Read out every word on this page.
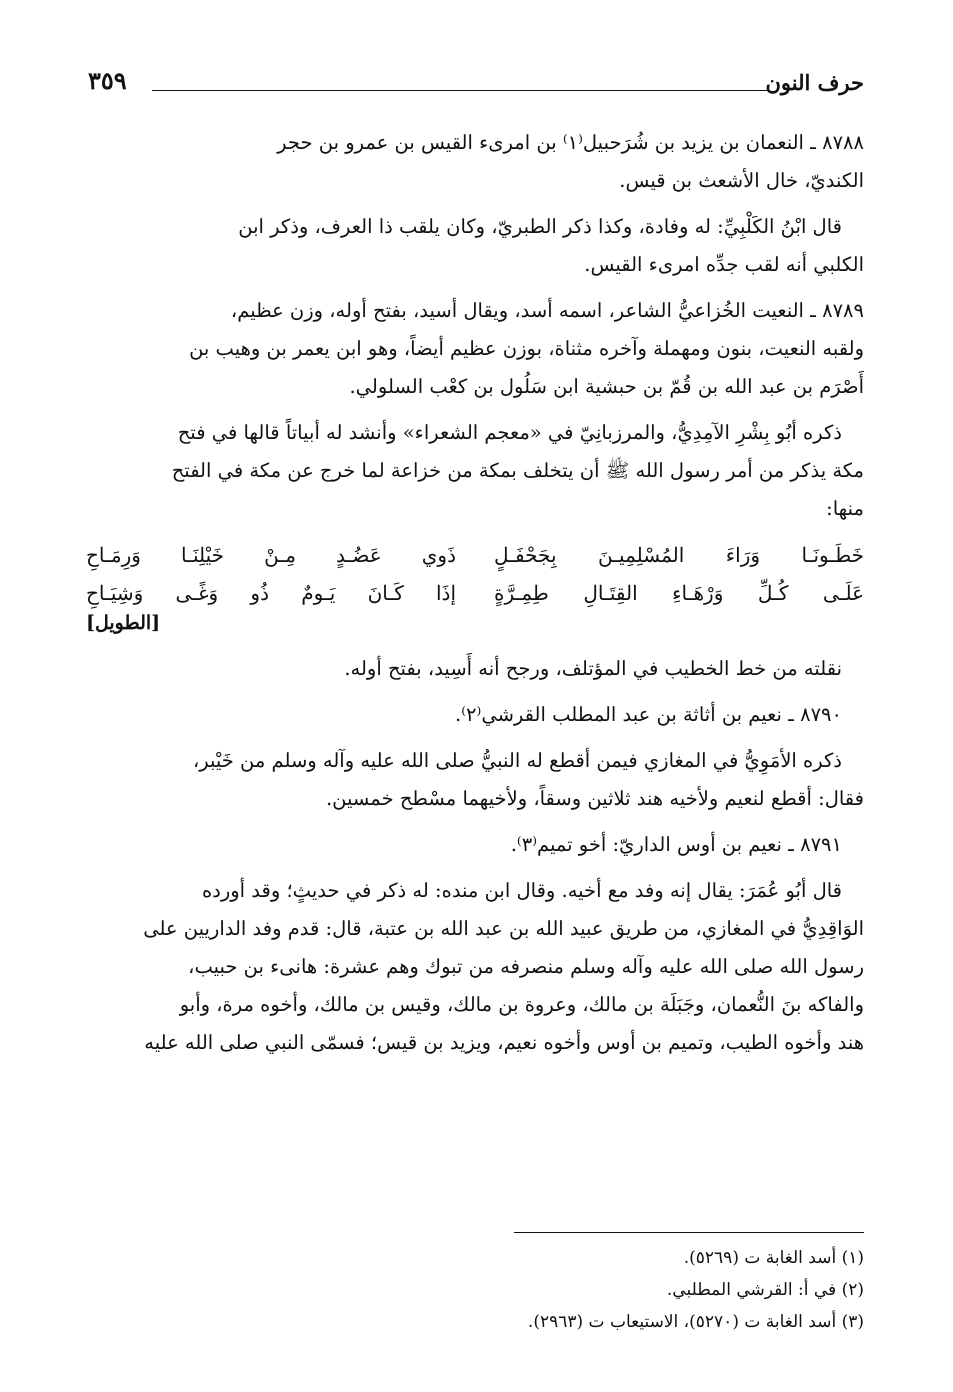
حرف النون
٣٥٩

٨٧٨٨ ـ النعمان بن يزيد بن شُرَحبيل⁽١⁾ بن امرىء القيس بن عمرو بن حجر
الكنديّ، خال الأشعث بن قيس.

قال ابْنُ الكَلْبِيِّ: له وفادة، وكذا ذكر الطبريّ، وكان يلقب ذا العرف، وذكر ابن
الكلبي أنه لقب جدِّه امرىء القيس.

٨٧٨٩ ـ النعيت الخُزاعيُّ الشاعر، اسمه أسد، ويقال أسيد، بفتح أوله، وزن عظيم،
ولقبه النعيت، بنون ومهملة وآخره مثناة، بوزن عظيم أيضاً، وهو ابن يعمر بن وهيب بن
أَصْرَم بن عبد الله بن قُمّ بن حبشية ابن سَلُول بن كعْب السلولي.

ذكره أبُو بِشْرِ الآمِدِيُّ، والمرزبانِيّ في «معجم الشعراء» وأنشد له أبياتاً قالها في فتح
مكة يذكر من أمر رسول الله ﷺ أن يتخلف بمكة من خزاعة لما خرج عن مكة في الفتح
منها:

خَطَـونَـا وَرَاءَ المُسْلِمِيـنَ بِجَحْفَـلٍ
ذَوي عَضُـدٍ مِـنْ خَيْلِنَـا وَرِمَـاحِ
عَلَـى كُـلِّ وَرْهَـاءِ القِتَـالِ طِمِـرَّةٍ
إذَا كَـانَ يَـومٌ ذُو وَغًـى وَشِيَـاحِ
[الطويل]

نقلته من خط الخطيب في المؤتلف، ورجح أنه أَسِيد، بفتح أوله.

٨٧٩٠ ـ نعيم بن أثاثة بن عبد المطلب القرشي⁽٢⁾.

ذكره الأمَوِيُّ في المغازي فيمن أقطع له النبيُّ صلى الله عليه وآله وسلم من خَيْبر،
فقال: أقطع لنعيم ولأخيه هند ثلاثين وسقاً، ولأخيهما مسْطح خمسين.

٨٧٩١ ـ نعيم بن أوس الداريّ: أخو تميم⁽٣⁾.

قال أبُو عُمَرَ: يقال إنه وفد مع أخيه. وقال ابن منده: له ذكر في حديثٍ؛ وقد أورده
الوَاقِدِيُّ في المغازي، من طريق عبيد الله بن عبد الله بن عتبة، قال: قدم وفد الداريين على
رسول الله صلى الله عليه وآله وسلم منصرفه من تبوك وهم عشرة: هانىء بن حبيب،
والفاكه بنَ النُّعمان، وجَبَلَة بن مالك، وعروة بن مالك، وقيس بن مالك، وأخوه مرة، وأبو
هند وأخوه الطيب، وتميم بن أوس وأخوه نعيم، ويزيد بن قيس؛ فسمّى النبي صلى الله عليه

(١) أسد الغابة ت (٥٢٦٩).
(٢) في أ: القرشي المطلبي.
(٣) أسد الغابة ت (٥٢٧٠)، الاستيعاب ت (٢٩٦٣).
